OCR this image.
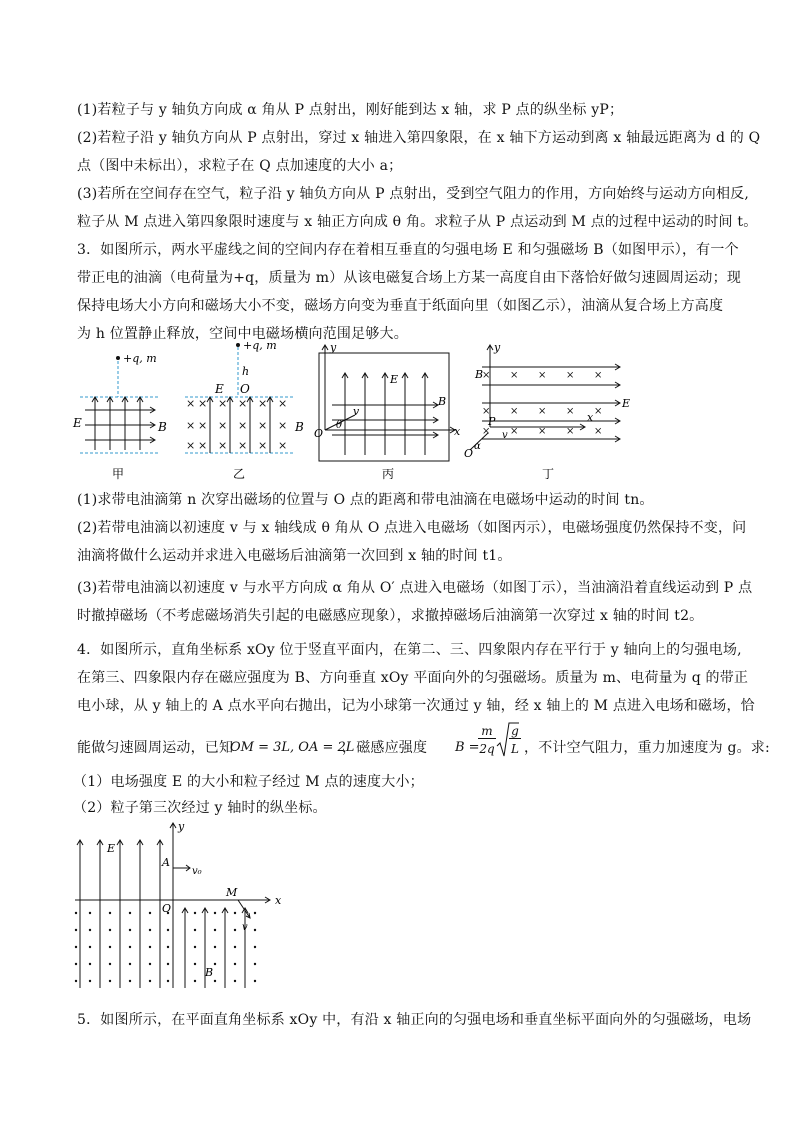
(1)若粒子与 y 轴负方向成 α 角从 P 点射出，刚好能到达 x 轴，求 P 点的纵坐标 yP；
(2)若粒子沿 y 轴负方向从 P 点射出，穿过 x 轴进入第四象限，在 x 轴下方运动到离 x 轴最远距离为 d 的 Q
点（图中未标出），求粒子在 Q 点加速度的大小 a；
(3)若所在空间存在空气，粒子沿 y 轴负方向从 P 点射出，受到空气阻力的作用，方向始终与运动方向相反,
粒子从 M 点进入第四象限时速度与 x 轴正方向成 θ 角。求粒子从 P 点运动到 M 点的过程中运动的时间 t。
3．如图所示，两水平虚线之间的空间内存在着相互垂直的匀强电场 E 和匀强磁场 B（如图甲示），有一个
带正电的油滴（电荷量为+q，质量为 m）从该电磁复合场上方某一高度自由下落恰好做匀速圆周运动；现
保持电场大小方向和磁场大小不变，磁场方向变为垂直于纸面向里（如图乙示），油滴从复合场上方高度
为 h 位置静止释放，空间中电磁场横向范围足够大。
+q, m
E	B
甲
+q, m
h
E O
× × × × × ×
× × × × × ×
× × × × × ×
B
乙
y
x
E
B
v
θ
O
丙
y
x
× × × × ×
× × × × ×
× × × × ×
B
E
P
v
α
O
丁
(1)求带电油滴第 n 次穿出磁场的位置与 O 点的距离和带电油滴在电磁场中运动的时间 tn。
(2)若带电油滴以初速度 v 与 x 轴线成 θ 角从 O 点进入电磁场（如图丙示），电磁场强度仍然保持不变，问
油滴将做什么运动并求进入电磁场后油滴第一次回到 x 轴的时间 t1。
(3)若带电油滴以初速度 v 与水平方向成 α 角从 O′ 点进入电磁场（如图丁示），当油滴沿着直线运动到 P 点
时撤掉磁场（不考虑磁场消失引起的电磁感应现象），求撤掉磁场后油滴第一次穿过 x 轴的时间 t2。
4．如图所示，直角坐标系 xOy 位于竖直平面内，在第二、三、四象限内存在平行于 y 轴向上的匀强电场,
在第三、四象限内存在磁应强度为 B、方向垂直 xOy 平面向外的匀强磁场。质量为 m、电荷量为 q 的带正
电小球，从 y 轴上的 A 点水平向右抛出，记为小球第一次通过 y 轴，经 x 轴上的 M 点进入电场和磁场，恰
能做匀速圆周运动，已知
OM = 3L, OA = 2L
，磁感应强度 B =
m
2q
g
L ，不计空气阻力，重力加速度为 g。求:
（1）电场强度 E 的大小和粒子经过 M 点的速度大小；
（2）粒子第三次经过 y 轴时的纵坐标。
y
x
E
A
v₀
O
M
v
B
5．如图所示，在平面直角坐标系 xOy 中，有沿 x 轴正向的匀强电场和垂直坐标平面向外的匀强磁场，电场
